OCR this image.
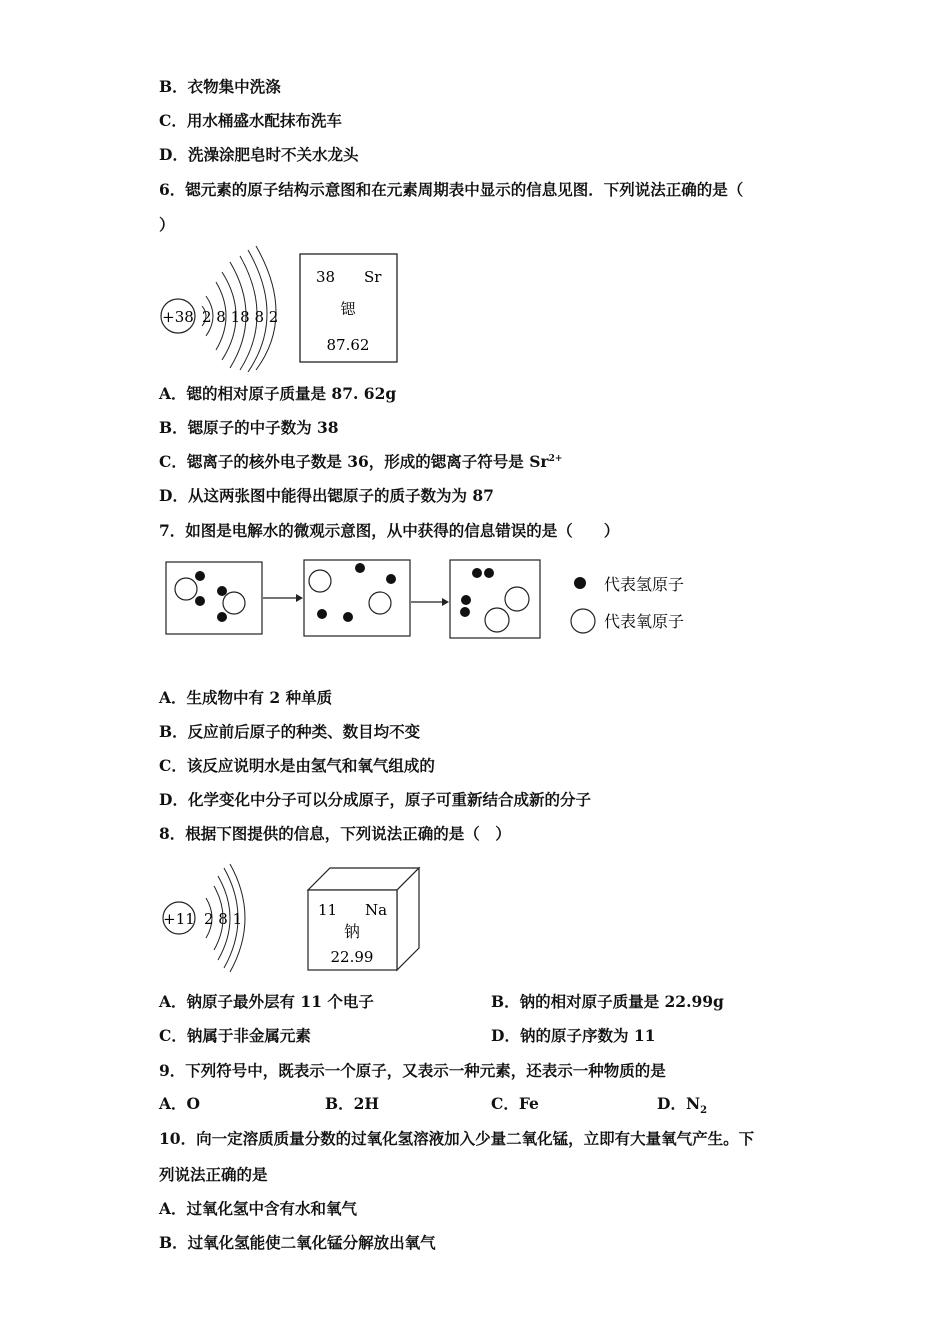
B．衣物集中洗涤
C．用水桶盛水配抹布洗车
D．洗澡涂肥皂时不关水龙头
6．锶元素的原子结构示意图和在元素周期表中显示的信息见图．下列说法正确的是（
）
+38 2 8 18 8 2
38 Sr
锶
87.62
A．锶的相对原子质量是 87. 62g
B．锶原子的中子数为 38
C．锶离子的核外电子数是 36，形成的锶离子符号是 $Sr^{2+}$
D．从这两张图中能得出锶原子的质子数为为 87
7．如图是电解水的微观示意图，从中获得的信息错误的是（　　）
代表氢原子
代表氧原子
A．生成物中有 2 种单质
B．反应前后原子的种类、数目均不变
C．该反应说明水是由氢气和氧气组成的
D．化学变化中分子可以分成原子，原子可重新结合成新的分子
8．根据下图提供的信息，下列说法正确的是（　）
+11 2 8 1	11 Na
钠
22.99
A．钠原子最外层有 11 个电子	B．钠的相对原子质量是 22.99g
C．钠属于非金属元素	D．钠的原子序数为 11
9．下列符号中，既表示一个原子，又表示一种元素，还表示一种物质的是
A．O	B．2H	C．Fe	D．$N_2$
10．向一定溶质质量分数的过氧化氢溶液加入少量二氧化锰，立即有大量氧气产生。下
列说法正确的是
A．过氧化氢中含有水和氧气
B．过氧化氢能使二氧化锰分解放出氧气
